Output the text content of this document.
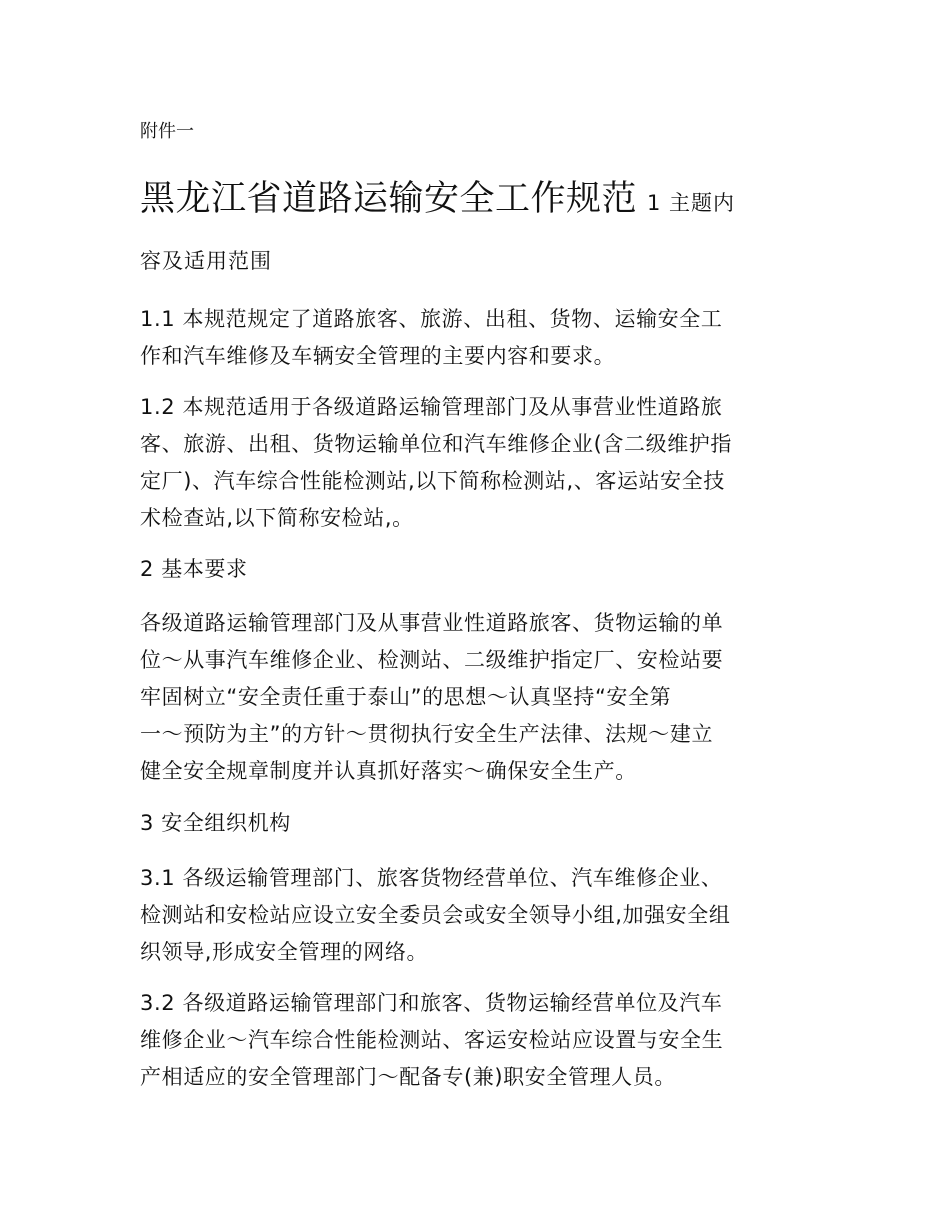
附件一
黑龙江省道路运输安全工作规范 1 主题内
容及适用范围
1.1 本规范规定了道路旅客、旅游、出租、货物、运输安全工
作和汽车维修及车辆安全管理的主要内容和要求。
1.2 本规范适用于各级道路运输管理部门及从事营业性道路旅
客、旅游、出租、货物运输单位和汽车维修企业(含二级维护指
定厂)、汽车综合性能检测站,以下简称检测站,、客运站安全技
术检查站,以下简称安检站,。
2 基本要求
各级道路运输管理部门及从事营业性道路旅客、货物运输的单
位～从事汽车维修企业、检测站、二级维护指定厂、安检站要
牢固树立“安全责任重于泰山”的思想～认真坚持“安全第
一～预防为主”的方针～贯彻执行安全生产法律、法规～建立
健全安全规章制度并认真抓好落实～确保安全生产。
3 安全组织机构
3.1 各级运输管理部门、旅客货物经营单位、汽车维修企业、
检测站和安检站应设立安全委员会或安全领导小组,加强安全组
织领导,形成安全管理的网络。
3.2 各级道路运输管理部门和旅客、货物运输经营单位及汽车
维修企业～汽车综合性能检测站、客运安检站应设置与安全生
产相适应的安全管理部门～配备专(兼)职安全管理人员。
